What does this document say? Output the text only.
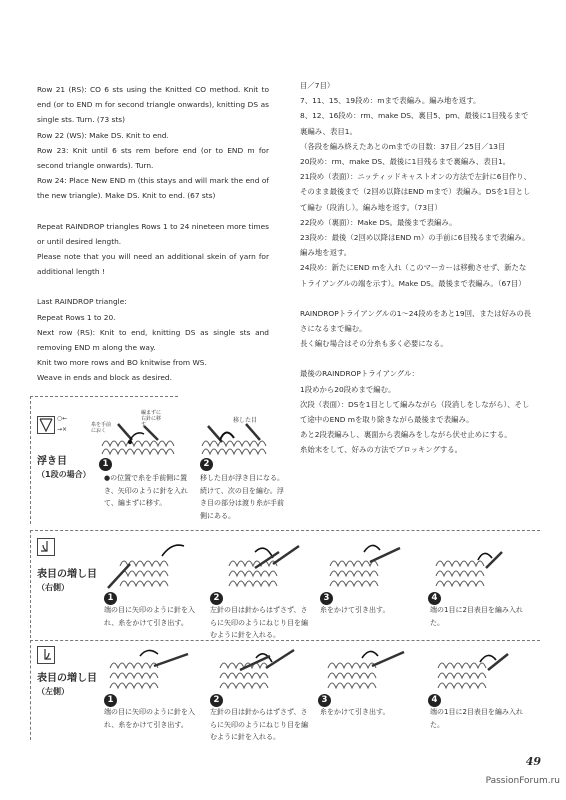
Row 21 (RS): CO 6 sts using the Knitted CO method. Knit to end (or to END m for second triangle onwards), knitting DS as single sts. Turn. (73 sts)

Row 22 (WS): Make DS. Knit to end.

Row 23: Knit until 6 sts rem before end (or to END m for second triangle onwards). Turn.

Row 24: Place New END m (this stays and will mark the end of the new triangle). Make DS. Knit to end. (67 sts)

Repeat RAINDROP triangles Rows 1 to 24 nineteen more times or until desired length.

Please note that you will need an additional skein of yarn for additional length !

Last RAINDROP triangle:

Repeat Rows 1 to 20.

Next row (RS): Knit to end, knitting DS as single sts and removing END m along the way.

Knit two more rows and BO knitwise from WS.

Weave in ends and block as desired.

目／7目）

7、11、15、19段め：mまで表編み。編み地を返す。

8、12、16段め：rm、make DS、裏目5、pm、最後に1目残るまで裏編み、表目1。

（各段を編み終えたあとのmまでの目数：37目／25目／13目

20段め：rm、make DS、最後に1目残るまで裏編み、表目1。

21段め（表面）：ニッティッドキャストオンの方法で左針に6目作り、そのまま最後まで（2回め以降はEND mまで）表編み。DSを1目として編む（段消し）。編み地を返す。（73目）

22段め（裏面）：Make DS。最後まで表編み。

23段め：最後（2回め以降はEND m）の手前に6目残るまで表編み。編み地を返す。

24段め：新たにEND mを入れ（このマーカーは移動させず、新たなトライアングルの端を示す）。Make DS。最後まで表編み。（67目）

RAINDROPトライアングルの1～24段めをあと19回、または好みの長さになるまで編む。

長く編む場合はその分糸も多く必要になる。

最後のRAINDROPトライアングル：

1段めから20段めまで編む。

次段（表面）：DSを1目として編みながら（段消しをしながら）、そして途中のEND mを取り除きながら最後まで表編み。

あと2段表編みし、裏面から表編みをしながら伏せ止めにする。

糸始末をして、好みの方法でブロッキングする。

○←
→×
浮き目
（1段の場合）
糸を手前におく
編まずに右針に移す
移した目
1
●の位置で糸を手前側に置き、矢印のように針を入れて、編まずに移す。
2
移した目が浮き目になる。続けて、次の目を編む。浮き目の部分は渡り糸が手前側にある。
表目の増し目
（右側）
1
端の目に矢印のように針を入れ、糸をかけて引き出す。
2
左針の目は針からはずさず、さらに矢印のようにねじり目を編むように針を入れる。
3
糸をかけて引き出す。
4
端の1目に2目表目を編み入れた。
表目の増し目
（左側）
1
端の目に矢印のように針を入れ、糸をかけて引き出す。
2
左針の目は針からはずさず、さらに矢印のようにねじり目を編むように針を入れる。
3
糸をかけて引き出す。
4
端の1目に2目表目を編み入れた。
49
PassionForum.ru
